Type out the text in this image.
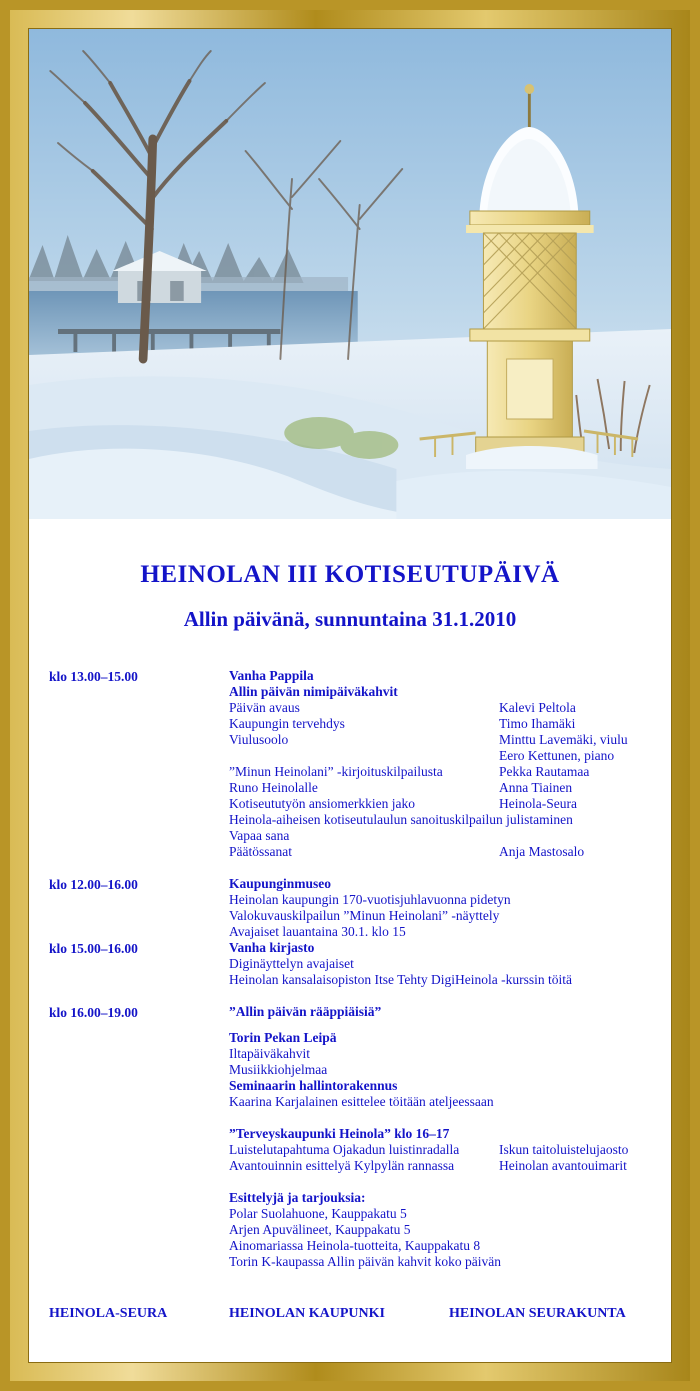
HEINOLAN III KOTISEUTUPÄIVÄ
Allin päivänä, sunnuntaina 31.1.2010
klo 13.00–15.00	Vanha Pappila
Allin päivän nimipäiväkahvit
Päivän avaus	Kalevi Peltola
Kaupungin tervehdys	Timo Ihamäki
Viulusoolo	Minttu Lavemäki, viulu
Eero Kettunen, piano
”Minun Heinolani” -kirjoituskilpailusta	Pekka Rautamaa
Runo Heinolalle	Anna Tiainen
Kotiseututyön ansiomerkkien jako	Heinola-Seura
Heinola-aiheisen kotiseutulaulun sanoituskilpailun julistaminen
Vapaa sana
Päätössanat	Anja Mastosalo
klo 12.00–16.00	Kaupunginmuseo
Heinolan kaupungin 170-vuotisjuhlavuonna pidetyn
Valokuvauskilpailun ”Minun Heinolani” -näyttely
Avajaiset lauantaina 30.1. klo 15
klo 15.00–16.00	Vanha kirjasto
Diginäyttelyn avajaiset
Heinolan kansalaisopiston Itse Tehty DigiHeinola -kurssin töitä
klo 16.00–19.00	”Allin päivän rääppiäisiä”
Torin Pekan Leipä
Iltapäiväkahvit
Musiikkiohjelmaa
Seminaarin hallintorakennus
Kaarina Karjalainen esittelee töitään ateljeessaan
”Terveyskaupunki Heinola” klo 16–17
Luistelutapahtuma Ojakadun luistinradalla	Iskun taitoluistelujaosto
Avantouinnin esittelyä Kylpylän rannassa	Heinolan avantouimarit
Esittelyjä ja tarjouksia:
Polar Suolahuone, Kauppakatu 5
Arjen Apuvälineet, Kauppakatu 5
Ainomariassa Heinola-tuotteita, Kauppakatu 8
Torin K-kaupassa Allin päivän kahvit koko päivän
HEINOLA-SEURA	HEINOLAN KAUPUNKI	HEINOLAN SEURAKUNTA
